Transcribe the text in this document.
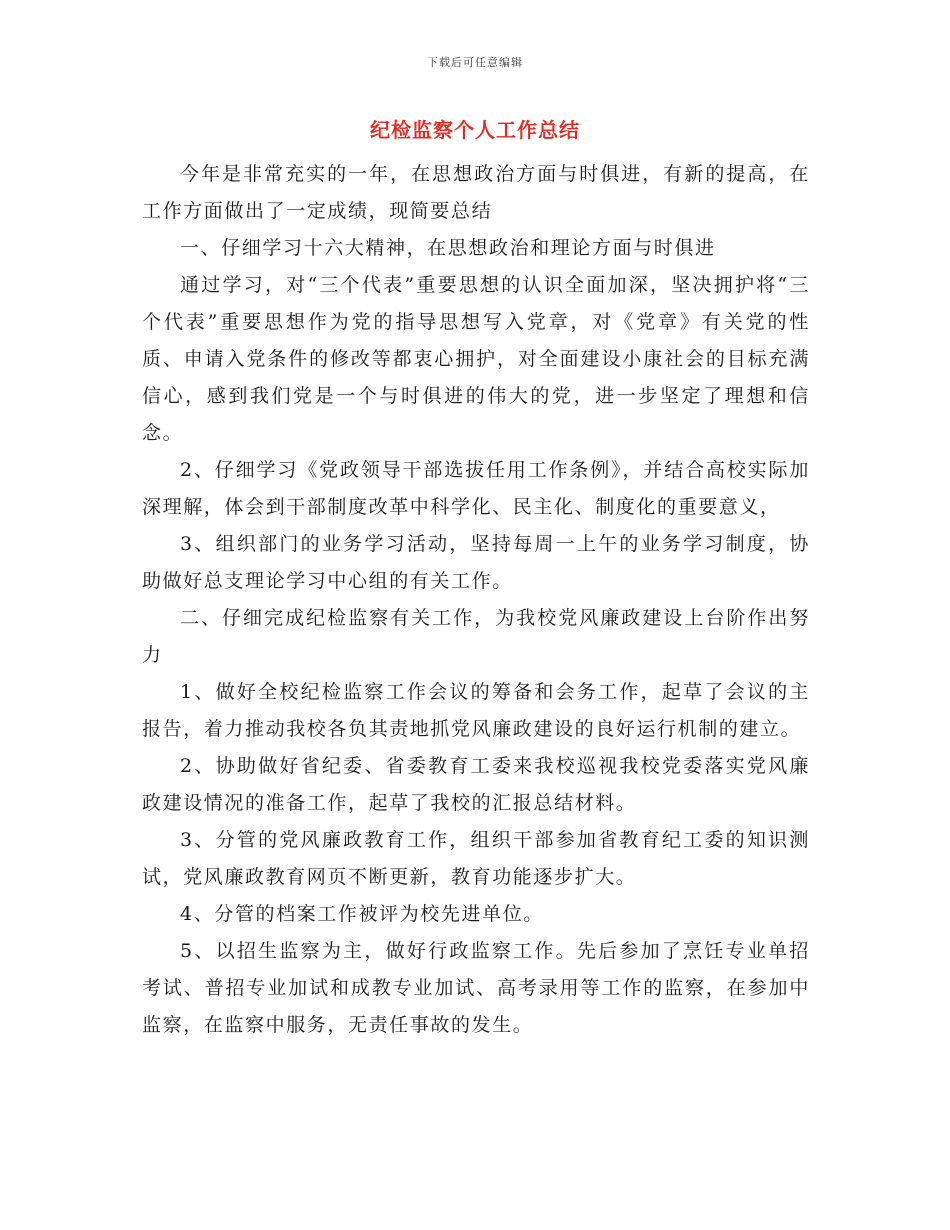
下载后可任意编辑
纪检监察个人工作总结

今年是非常充实的一年，在思想政治方面与时俱进，有新的提高，在工作方面做出了一定成绩，现简要总结

一、仔细学习十六大精神，在思想政治和理论方面与时俱进

通过学习，对“三个代表”重要思想的认识全面加深，坚决拥护将“三个代表”重要思想作为党的指导思想写入党章，对《党章》有关党的性质、申请入党条件的修改等都衷心拥护，对全面建设小康社会的目标充满信心，感到我们党是一个与时俱进的伟大的党，进一步坚定了理想和信念。

2、仔细学习《党政领导干部选拔任用工作条例》，并结合高校实际加深理解，体会到干部制度改革中科学化、民主化、制度化的重要意义，

3、组织部门的业务学习活动，坚持每周一上午的业务学习制度，协助做好总支理论学习中心组的有关工作。

二、仔细完成纪检监察有关工作，为我校党风廉政建设上台阶作出努力

1、做好全校纪检监察工作会议的筹备和会务工作，起草了会议的主报告，着力推动我校各负其责地抓党风廉政建设的良好运行机制的建立。

2、协助做好省纪委、省委教育工委来我校巡视我校党委落实党风廉政建设情况的准备工作，起草了我校的汇报总结材料。

3、分管的党风廉政教育工作，组织干部参加省教育纪工委的知识测试，党风廉政教育网页不断更新，教育功能逐步扩大。

4、分管的档案工作被评为校先进单位。

5、以招生监察为主，做好行政监察工作。先后参加了烹饪专业单招考试、普招专业加试和成教专业加试、高考录用等工作的监察，在参加中监察，在监察中服务，无责任事故的发生。
